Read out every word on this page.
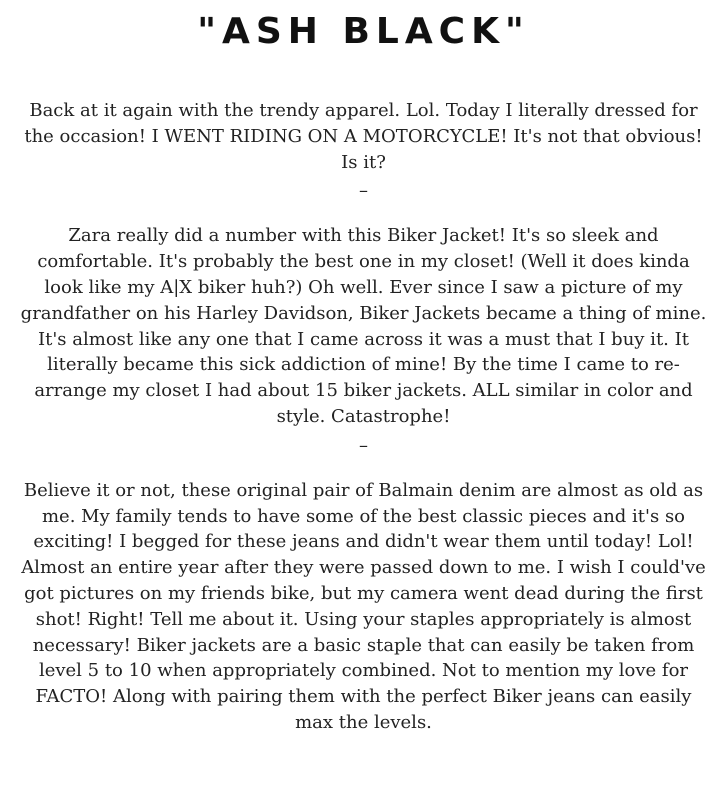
"ASH BLACK"

Back at it again with the trendy apparel. Lol. Today I literally dressed for the occasion! I WENT RIDING ON A MOTORCYCLE! It's not that obvious! Is it?

–

Zara really did a number with this Biker Jacket! It's so sleek and comfortable. It's probably the best one in my closet! (Well it does kinda look like my A|X biker huh?) Oh well. Ever since I saw a picture of my grandfather on his Harley Davidson, Biker Jackets became a thing of mine. It's almost like any one that I came across it was a must that I buy it. It literally became this sick addiction of mine! By the time I came to re-arrange my closet I had about 15 biker jackets. ALL similar in color and style. Catastrophe!

–

Believe it or not, these original pair of Balmain denim are almost as old as me. My family tends to have some of the best classic pieces and it's so exciting! I begged for these jeans and didn't wear them until today! Lol! Almost an entire year after they were passed down to me. I wish I could've got pictures on my friends bike, but my camera went dead during the first shot! Right! Tell me about it. Using your staples appropriately is almost necessary! Biker jackets are a basic staple that can easily be taken from level 5 to 10 when appropriately combined. Not to mention my love for FACTO! Along with pairing them with the perfect Biker jeans can easily max the levels.
